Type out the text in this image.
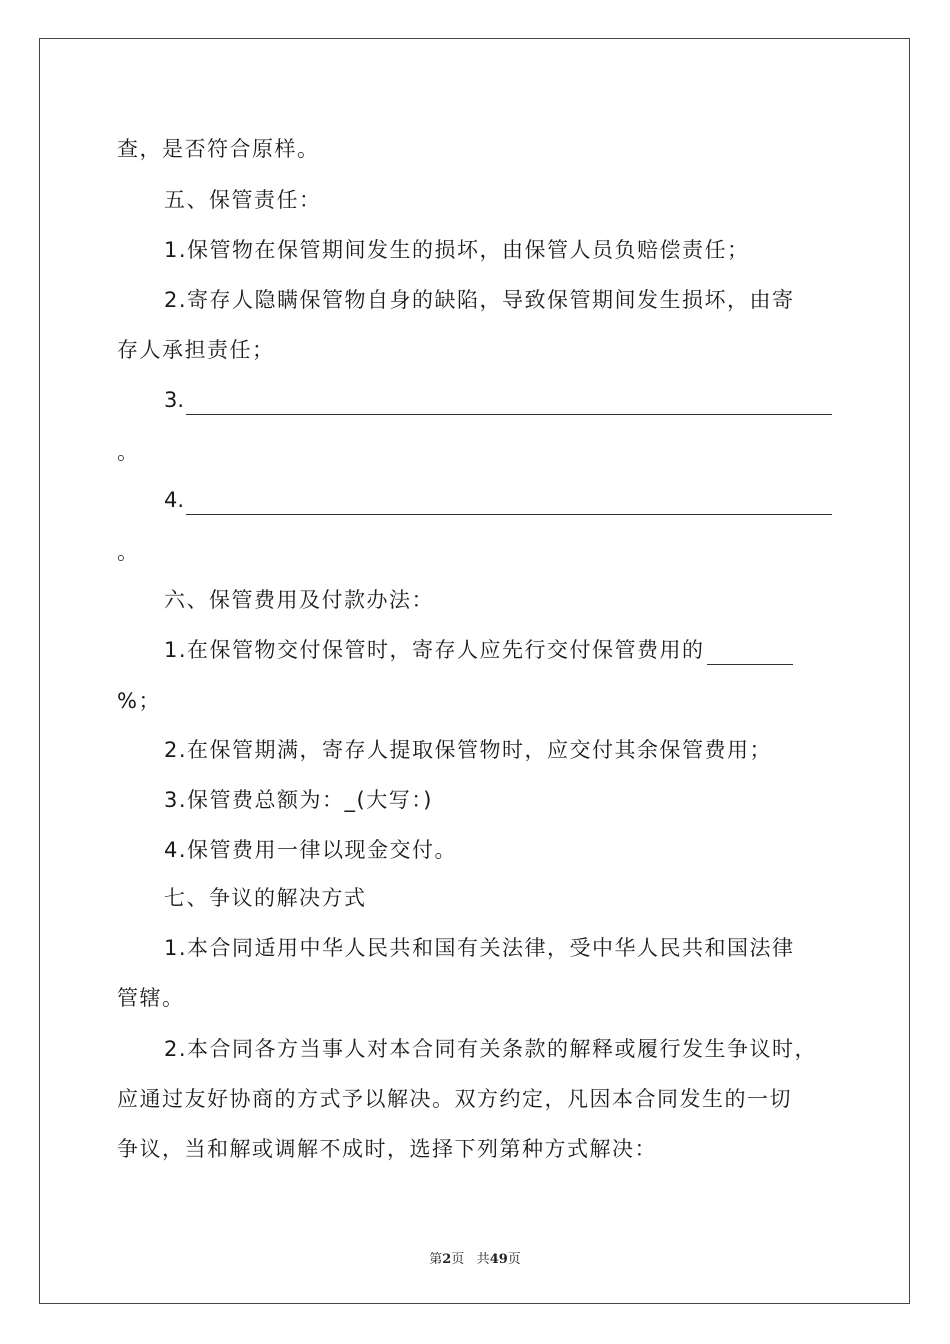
查，是否符合原样。
五、保管责任：
1.保管物在保管期间发生的损坏，由保管人员负赔偿责任；
2.寄存人隐瞒保管物自身的缺陷，导致保管期间发生损坏，由寄
存人承担责任；
3.
。
4.
。
六、保管费用及付款办法：
1.在保管物交付保管时，寄存人应先行交付保管费用的
%；
2.在保管期满，寄存人提取保管物时，应交付其余保管费用；
3.保管费总额为：_(大写：)
4.保管费用一律以现金交付。
七、争议的解决方式
1.本合同适用中华人民共和国有关法律，受中华人民共和国法律
管辖。
2.本合同各方当事人对本合同有关条款的解释或履行发生争议时，
应通过友好协商的方式予以解决。双方约定，凡因本合同发生的一切
争议，当和解或调解不成时，选择下列第种方式解决：
第2页 共49页
